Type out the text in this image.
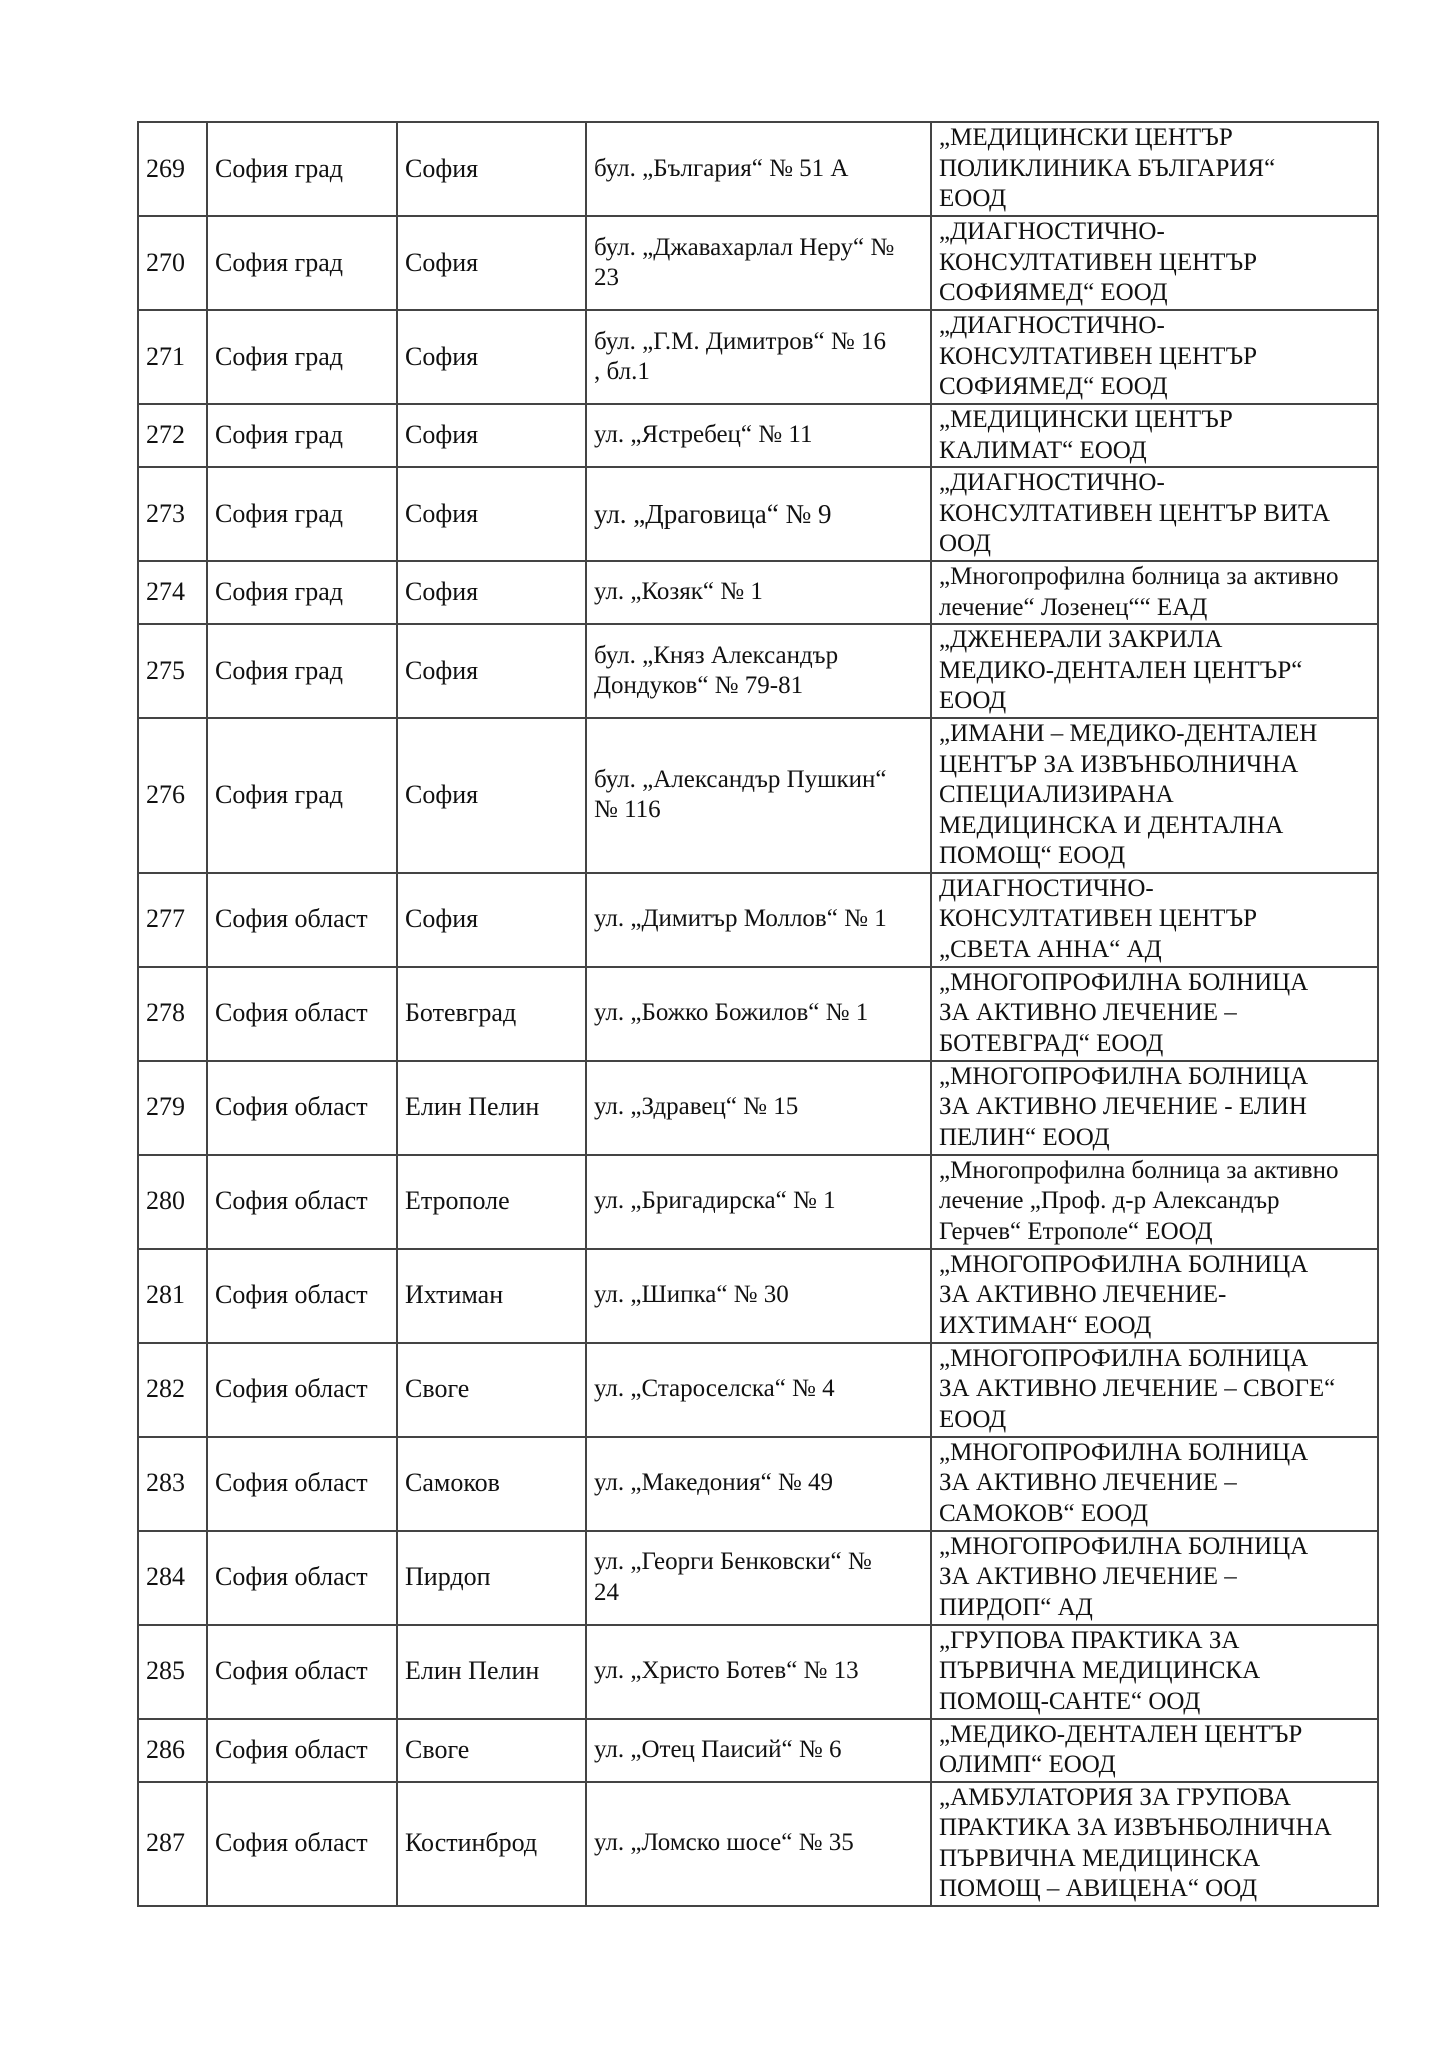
269	София град	София	бул. „България“ № 51 А	„МЕДИЦИНСКИ ЦЕНТЪР
ПОЛИКЛИНИКА БЪЛГАРИЯ“
ЕООД

270	София град	София	бул. „Джавахарлал Неру“ №
23	„ДИАГНОСТИЧНО-
КОНСУЛТАТИВЕН ЦЕНТЪР
СОФИЯМЕД“ ЕООД

271	София град	София	бул. „Г.М. Димитров“ № 16
, бл.1	„ДИАГНОСТИЧНО-
КОНСУЛТАТИВЕН ЦЕНТЪР
СОФИЯМЕД“ ЕООД

272	София град	София	ул. „Ястребец“ № 11	„МЕДИЦИНСКИ ЦЕНТЪР
КАЛИМАТ“ ЕООД

273	София град	София	ул. „Драговица“ № 9	„ДИАГНОСТИЧНО-
КОНСУЛТАТИВЕН ЦЕНТЪР ВИТА
ООД

274	София град	София	ул. „Козяк“ № 1	„Многопрофилна болница за активно
лечение“ Лозенец““ ЕАД

275	София град	София	бул. „Княз Александър
Дондуков“ № 79-81	„ДЖЕНЕРАЛИ ЗАКРИЛА
МЕДИКО-ДЕНТАЛЕН ЦЕНТЪР“
ЕООД

276	София град	София	бул. „Александър Пушкин“
№ 116	„ИМАНИ – МЕДИКО-ДЕНТАЛЕН
ЦЕНТЪР ЗА ИЗВЪНБОЛНИЧНА
СПЕЦИАЛИЗИРАНА
МЕДИЦИНСКА И ДЕНТАЛНА
ПОМОЩ“ ЕООД

277	София област	София	ул. „Димитър Моллов“ № 1	ДИАГНОСТИЧНО-
КОНСУЛТАТИВЕН ЦЕНТЪР
„СВЕТА АННА“ АД

278	София област	Ботевград	ул. „Божко Божилов“ № 1	„МНОГОПРОФИЛНА БОЛНИЦА
ЗА АКТИВНО ЛЕЧЕНИЕ –
БОТЕВГРАД“ ЕООД

279	София област	Елин Пелин	ул. „Здравец“ № 15	„МНОГОПРОФИЛНА БОЛНИЦА
ЗА АКТИВНО ЛЕЧЕНИЕ - ЕЛИН
ПЕЛИН“ ЕООД

280	София област	Етрополе	ул. „Бригадирска“ № 1	„Многопрофилна болница за активно
лечение „Проф. д-р Александър
Герчев“ Етрополе“ ЕООД

281	София област	Ихтиман	ул. „Шипка“ № 30	„МНОГОПРОФИЛНА БОЛНИЦА
ЗА АКТИВНО ЛЕЧЕНИЕ-
ИХТИМАН“ ЕООД

282	София област	Своге	ул. „Староселска“ № 4	„МНОГОПРОФИЛНА БОЛНИЦА
ЗА АКТИВНО ЛЕЧЕНИЕ – СВОГЕ“
ЕООД

283	София област	Самоков	ул. „Македония“ № 49	„МНОГОПРОФИЛНА БОЛНИЦА
ЗА АКТИВНО ЛЕЧЕНИЕ –
САМОКОВ“ ЕООД

284	София област	Пирдоп	ул. „Георги Бенковски“ №
24	„МНОГОПРОФИЛНА БОЛНИЦА
ЗА АКТИВНО ЛЕЧЕНИЕ –
ПИРДОП“ АД

285	София област	Елин Пелин	ул. „Христо Ботев“ № 13	„ГРУПОВА ПРАКТИКА ЗА
ПЪРВИЧНА МЕДИЦИНСКА
ПОМОЩ-САНТЕ“ ООД

286	София област	Своге	ул. „Отец Паисий“ № 6	„МЕДИКО-ДЕНТАЛЕН ЦЕНТЪР
ОЛИМП“ ЕООД

287	София област	Костинброд	ул. „Ломско шосе“ № 35	„АМБУЛАТОРИЯ ЗА ГРУПОВА
ПРАКТИКА ЗА ИЗВЪНБОЛНИЧНА
ПЪРВИЧНА МЕДИЦИНСКА
ПОМОЩ – АВИЦЕНА“ ООД
